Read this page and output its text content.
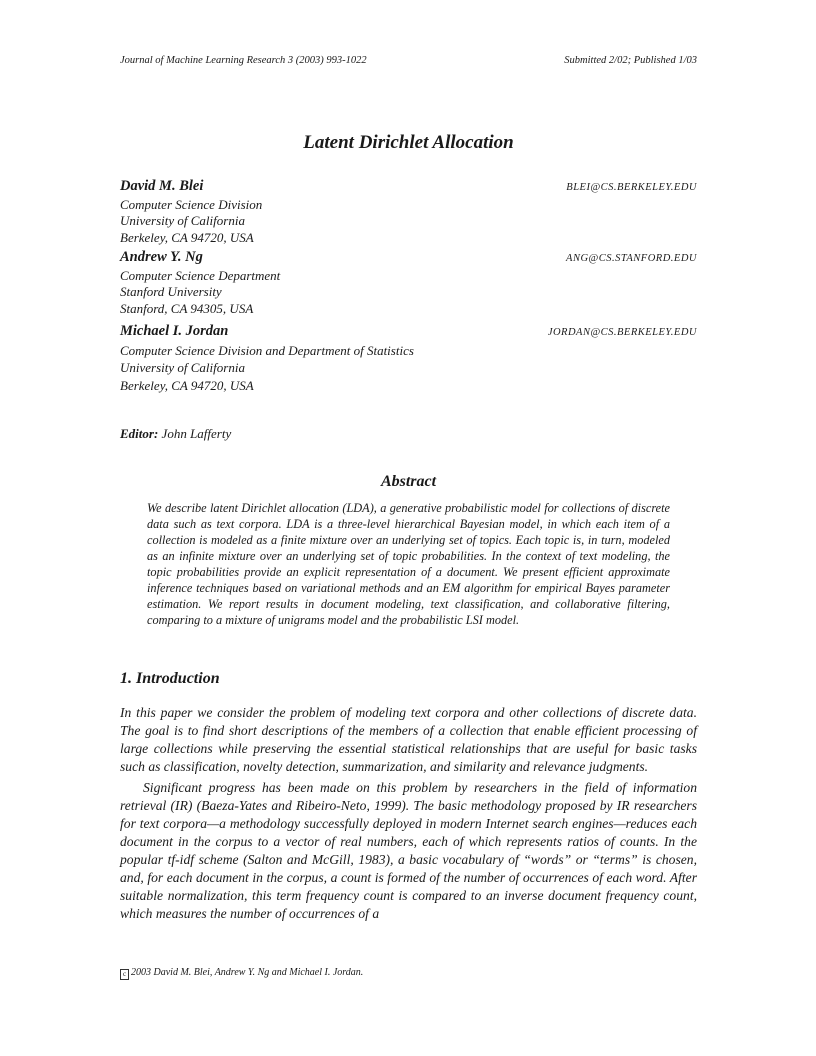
Journal of Machine Learning Research 3 (2003) 993-1022	Submitted 2/02; Published 1/03
Latent Dirichlet Allocation
David M. Blei	BLEI@CS.BERKELEY.EDU
Computer Science Division
University of California
Berkeley, CA 94720, USA
Andrew Y. Ng	ANG@CS.STANFORD.EDU
Computer Science Department
Stanford University
Stanford, CA 94305, USA
Michael I. Jordan	JORDAN@CS.BERKELEY.EDU
Computer Science Division and Department of Statistics
University of California
Berkeley, CA 94720, USA
Editor: John Lafferty
Abstract
We describe latent Dirichlet allocation (LDA), a generative probabilistic model for collections of discrete data such as text corpora. LDA is a three-level hierarchical Bayesian model, in which each item of a collection is modeled as a finite mixture over an underlying set of topics. Each topic is, in turn, modeled as an infinite mixture over an underlying set of topic probabilities. In the context of text modeling, the topic probabilities provide an explicit representation of a document. We present efficient approximate inference techniques based on variational methods and an EM algorithm for empirical Bayes parameter estimation. We report results in document modeling, text classification, and collaborative filtering, comparing to a mixture of unigrams model and the probabilistic LSI model.
1. Introduction

In this paper we consider the problem of modeling text corpora and other collections of discrete data. The goal is to find short descriptions of the members of a collection that enable efficient processing of large collections while preserving the essential statistical relationships that are useful for basic tasks such as classification, novelty detection, summarization, and similarity and relevance judgments.

Significant progress has been made on this problem by researchers in the field of information retrieval (IR) (Baeza-Yates and Ribeiro-Neto, 1999). The basic methodology proposed by IR researchers for text corpora—a methodology successfully deployed in modern Internet search engines—reduces each document in the corpus to a vector of real numbers, each of which represents ratios of counts. In the popular tf-idf scheme (Salton and McGill, 1983), a basic vocabulary of “words” or “terms” is chosen, and, for each document in the corpus, a count is formed of the number of occurrences of each word. After suitable normalization, this term frequency count is compared to an inverse document frequency count, which measures the number of occurrences of a

c 2003 David M. Blei, Andrew Y. Ng and Michael I. Jordan.
